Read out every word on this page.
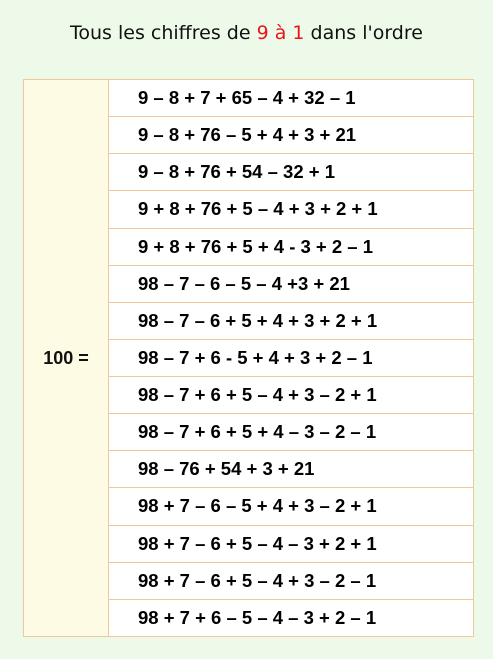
Tous les chiffres de 9 à 1 dans l'ordre
100 =	9 – 8 + 7 + 65 – 4 + 32 – 1
9 – 8 + 76 – 5 + 4 + 3 + 21
9 – 8 + 76 + 54 – 32 + 1
9 + 8 + 76 + 5 – 4 + 3 + 2 + 1
9 + 8 + 76 + 5 + 4 - 3 + 2 – 1
98 – 7 – 6 – 5 – 4 +3 + 21
98 – 7 – 6 + 5 + 4 + 3 + 2 + 1
98 – 7 + 6 - 5 + 4 + 3 + 2 – 1
98 – 7 + 6 + 5 – 4 + 3 – 2 + 1
98 – 7 + 6 + 5 + 4 – 3 – 2 – 1
98 – 76 + 54 + 3 + 21
98 + 7 – 6 – 5 + 4 + 3 – 2 + 1
98 + 7 – 6 + 5 – 4 – 3 + 2 + 1
98 + 7 – 6 + 5 – 4 + 3 – 2 – 1
98 + 7 + 6 – 5 – 4 – 3 + 2 – 1
